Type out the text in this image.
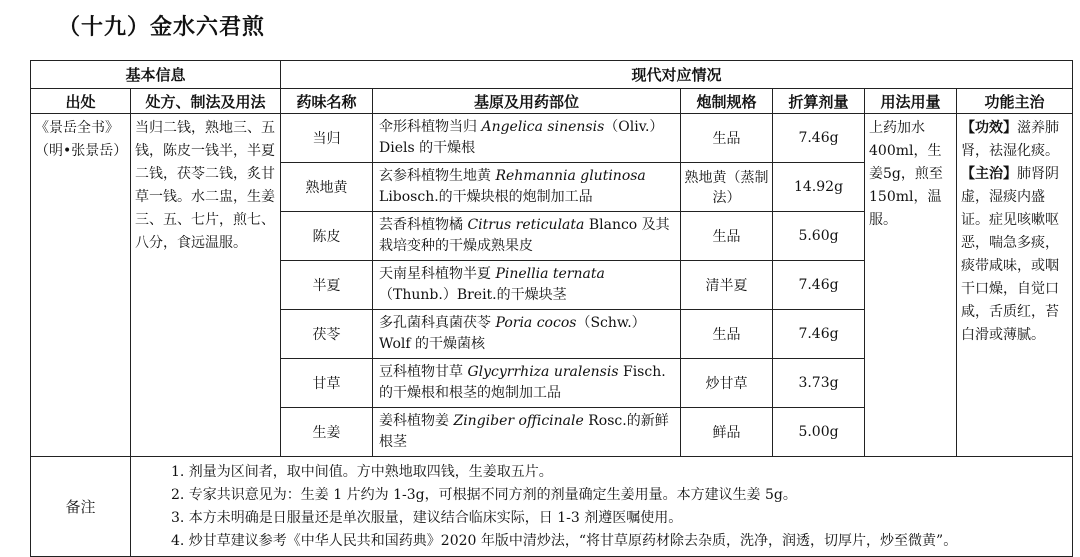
（十九）金水六君煎
基本信息		现代对应情况					
出处	处方、制法及用法	药味名称	基原及用药部位	炮制规格	折算剂量	用法用量	功能主治
《景岳全书》（明•张景岳）	当归二钱，熟地三、五钱，陈皮一钱半，半夏二钱，茯苓二钱，炙甘草一钱。水二盅，生姜三、五、七片，煎七、八分，食远温服。	当归	伞形科植物当归 Angelica sinensis（Oliv.）Diels 的干燥根	生品	7.46g	上药加水400ml，生姜5g，煎至150ml，温服。	【功效】滋养肺肾，祛湿化痰。
【主治】肺肾阴虚，湿痰内盛证。症见咳嗽呕恶，喘急多痰，痰带咸味，或咽干口燥，自觉口咸，舌质红，苔白滑或薄腻。
		熟地黄	玄参科植物生地黄 Rehmannia glutinosa Libosch.的干燥块根的炮制加工品	熟地黄（蒸制法）	14.92g		
		陈皮	芸香科植物橘 Citrus reticulata Blanco 及其栽培变种的干燥成熟果皮	生品	5.60g		
		半夏	天南星科植物半夏 Pinellia ternata（Thunb.）Breit.的干燥块茎	清半夏	7.46g		
		茯苓	多孔菌科真菌茯苓 Poria cocos（Schw.）Wolf 的干燥菌核	生品	7.46g		
		甘草	豆科植物甘草 Glycyrrhiza uralensis Fisch.的干燥根和根茎的炮制加工品	炒甘草	3.73g		
		生姜	姜科植物姜 Zingiber officinale Rosc.的新鲜根茎	鲜品	5.00g		
备注	1. 剂量为区间者，取中间值。方中熟地取四钱，生姜取五片。
2. 专家共识意见为：生姜 1 片约为 1-3g，可根据不同方剂的剂量确定生姜用量。本方建议生姜 5g。
3. 本方未明确是日服量还是单次服量，建议结合临床实际，日 1-3 剂遵医嘱使用。
4. 炒甘草建议参考《中华人民共和国药典》2020 年版中清炒法，“将甘草原药材除去杂质，洗净，润透，切厚片，炒至微黄”。						
